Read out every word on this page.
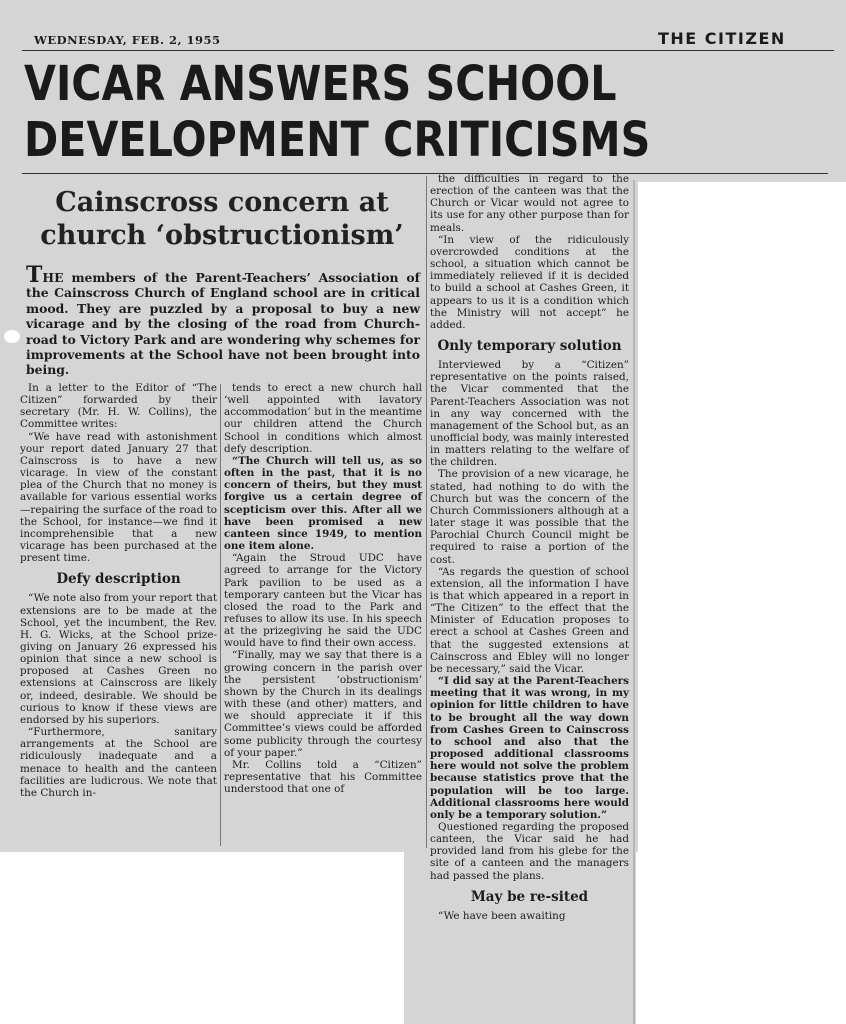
WEDNESDAY, FEB. 2, 1955	THE CITIZEN
VICAR ANSWERS SCHOOL
DEVELOPMENT CRITICISMS
Cainscross concern at church ‘obstructionism’
THE members of the Parent-Teachers’ Association of the Cainscross Church of England school are in critical mood. They are puzzled by a proposal to buy a new vicarage and by the closing of the road from Church-road to Victory Park and are wondering why schemes for improvements at the School have not been brought into being.

In a letter to the Editor of “The Citizen” forwarded by their secretary (Mr. H. W. Collins), the Committee writes:

“We have read with astonishment your report dated January 27 that Cainscross is to have a new vicarage. In view of the constant plea of the Church that no money is available for various essential works—repairing the surface of the road to the School, for instance—we find it incomprehensible that a new vicarage has been purchased at the present time.

Defy description

“We note also from your report that extensions are to be made at the School, yet the incumbent, the Rev. H. G. Wicks, at the School prize-giving on January 26 expressed his opinion that since a new school is proposed at Cashes Green no extensions at Cainscross are likely or, indeed, desirable. We should be curious to know if these views are endorsed by his superiors.

“Furthermore, sanitary arrangements at the School are ridiculously inadequate and a menace to health and the canteen facilities are ludicrous. We note that the Church in-

tends to erect a new church hall ‘well appointed with lavatory accommodation’ but in the meantime our children attend the Church School in conditions which almost defy description.

“The Church will tell us, as so often in the past, that it is no concern of theirs, but they must forgive us a certain degree of scepticism over this. After all we have been promised a new canteen since 1949, to mention one item alone.

“Again the Stroud UDC have agreed to arrange for the Victory Park pavilion to be used as a temporary canteen but the Vicar has closed the road to the Park and refuses to allow its use. In his speech at the prizegiving he said the UDC would have to find their own access.

“Finally, may we say that there is a growing concern in the parish over the persistent ‘obstructionism’ shown by the Church in its dealings with these (and other) matters, and we should appreciate it if this Committee’s views could be afforded some publicity through the courtesy of your paper.”

Mr. Collins told a “Citizen” representative that his Committee understood that one of

the difficulties in regard to the erection of the canteen was that the Church or Vicar would not agree to its use for any other purpose than for meals.

“In view of the ridiculously overcrowded conditions at the school, a situation which cannot be immediately relieved if it is decided to build a school at Cashes Green, it appears to us it is a condition which the Ministry will not accept” he added.

Only temporary solution

Interviewed by a “Citizen” representative on the points raised, the Vicar commented that the Parent-Teachers Association was not in any way concerned with the management of the School but, as an unofficial body, was mainly interested in matters relating to the welfare of the children.

The provision of a new vicarage, he stated, had nothing to do with the Church but was the concern of the Church Commissioners although at a later stage it was possible that the Parochial Church Council might be required to raise a portion of the cost.

“As regards the question of school extension, all the information I have is that which appeared in a report in “The Citizen” to the effect that the Minister of Education proposes to erect a school at Cashes Green and that the suggested extensions at Cainscross and Ebley will no longer be necessary,” said the Vicar.

“I did say at the Parent-Teachers meeting that it was wrong, in my opinion for little children to have to be brought all the way down from Cashes Green to Cainscross to school and also that the proposed additional classrooms here would not solve the problem because statistics prove that the population will be too large. Additional classrooms here would only be a temporary solution.”

Questioned regarding the proposed canteen, the Vicar said he had provided land from his glebe for the site of a canteen and the managers had passed the plans.

May be re-sited

“We have been awaiting
